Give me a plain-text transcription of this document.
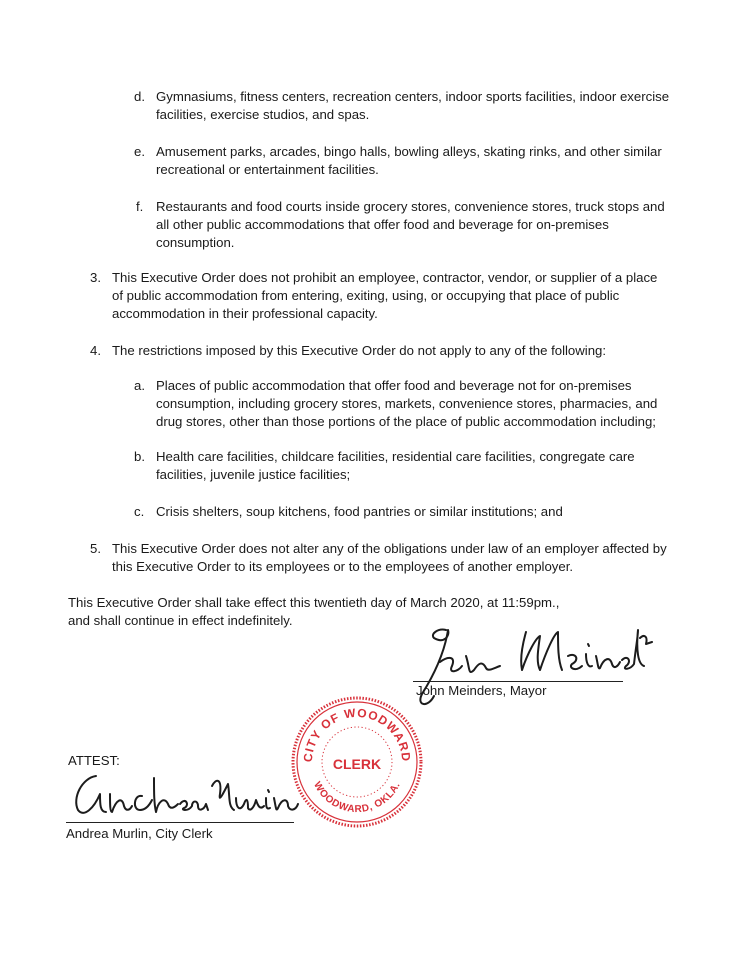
d. Gymnasiums, fitness centers, recreation centers, indoor sports facilities, indoor exercise
facilities, exercise studios, and spas.
e. Amusement parks, arcades, bingo halls, bowling alleys, skating rinks, and other similar
recreational or entertainment facilities.
f. Restaurants and food courts inside grocery stores, convenience stores, truck stops and
all other public accommodations that offer food and beverage for on-premises
consumption.
3. This Executive Order does not prohibit an employee, contractor, vendor, or supplier of a place
of public accommodation from entering, exiting, using, or occupying that place of public
accommodation in their professional capacity.
4. The restrictions imposed by this Executive Order do not apply to any of the following:
a. Places of public accommodation that offer food and beverage not for on-premises
consumption, including grocery stores, markets, convenience stores, pharmacies, and
drug stores, other than those portions of the place of public accommodation including;
b. Health care facilities, childcare facilities, residential care facilities, congregate care
facilities, juvenile justice facilities;
c. Crisis shelters, soup kitchens, food pantries or similar institutions; and
5. This Executive Order does not alter any of the obligations under law of an employer affected by
this Executive Order to its employees or to the employees of another employer.
This Executive Order shall take effect this twentieth day of March 2020, at 11:59pm.,
and shall continue in effect indefinitely.
John Meinders, Mayor
CITY OF WOODWARD
WOODWARD, OKLA.
CLERK
ATTEST:
Andrea Murlin, City Clerk
